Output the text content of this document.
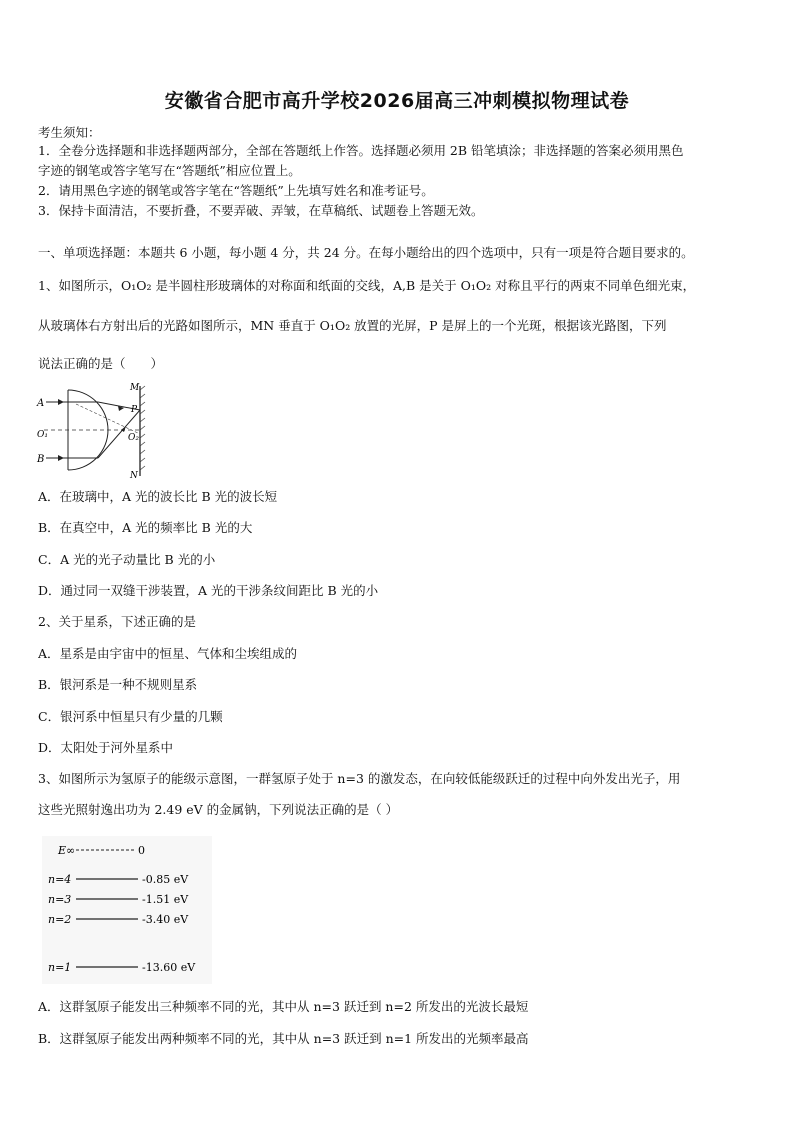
安徽省合肥市高升学校2026届高三冲刺模拟物理试卷
考生须知：
1．全卷分选择题和非选择题两部分，全部在答题纸上作答。选择题必须用 2B 铅笔填涂；非选择题的答案必须用黑色
字迹的钢笔或答字笔写在“答题纸”相应位置上。
2．请用黑色字迹的钢笔或答字笔在“答题纸”上先填写姓名和准考证号。
3．保持卡面清洁，不要折叠，不要弄破、弄皱，在草稿纸、试题卷上答题无效。
一、单项选择题：本题共 6 小题，每小题 4 分，共 24 分。在每小题给出的四个选项中，只有一项是符合题目要求的。
1、如图所示，O₁O₂ 是半圆柱形玻璃体的对称面和纸面的交线，A,B 是关于 O₁O₂ 对称且平行的两束不同单色细光束，
从玻璃体右方射出后的光路如图所示，MN 垂直于 O₁O₂ 放置的光屏，P 是屏上的一个光斑，根据该光路图，下列
说法正确的是（　　）
A
B
O₁	O₂
M
N
P
A．在玻璃中，A 光的波长比 B 光的波长短
B．在真空中，A 光的频率比 B 光的大
C．A 光的光子动量比 B 光的小
D．通过同一双缝干涉装置，A 光的干涉条纹间距比 B 光的小
2、关于星系，下述正确的是
A．星系是由宇宙中的恒星、气体和尘埃组成的
B．银河系是一种不规则星系
C．银河系中恒星只有少量的几颗
D．太阳处于河外星系中
3、如图所示为氢原子的能级示意图，一群氢原子处于 n=3 的激发态，在向较低能级跃迁的过程中向外发出光子，用
这些光照射逸出功为 2.49 eV 的金属钠，下列说法正确的是（ ）
E∞	0
n=4	-0.85 eV
n=3	-1.51 eV
n=2	-3.40 eV
n=1	-13.60 eV
A．这群氢原子能发出三种频率不同的光，其中从 n=3 跃迁到 n=2 所发出的光波长最短
B．这群氢原子能发出两种频率不同的光，其中从 n=3 跃迁到 n=1 所发出的光频率最高
